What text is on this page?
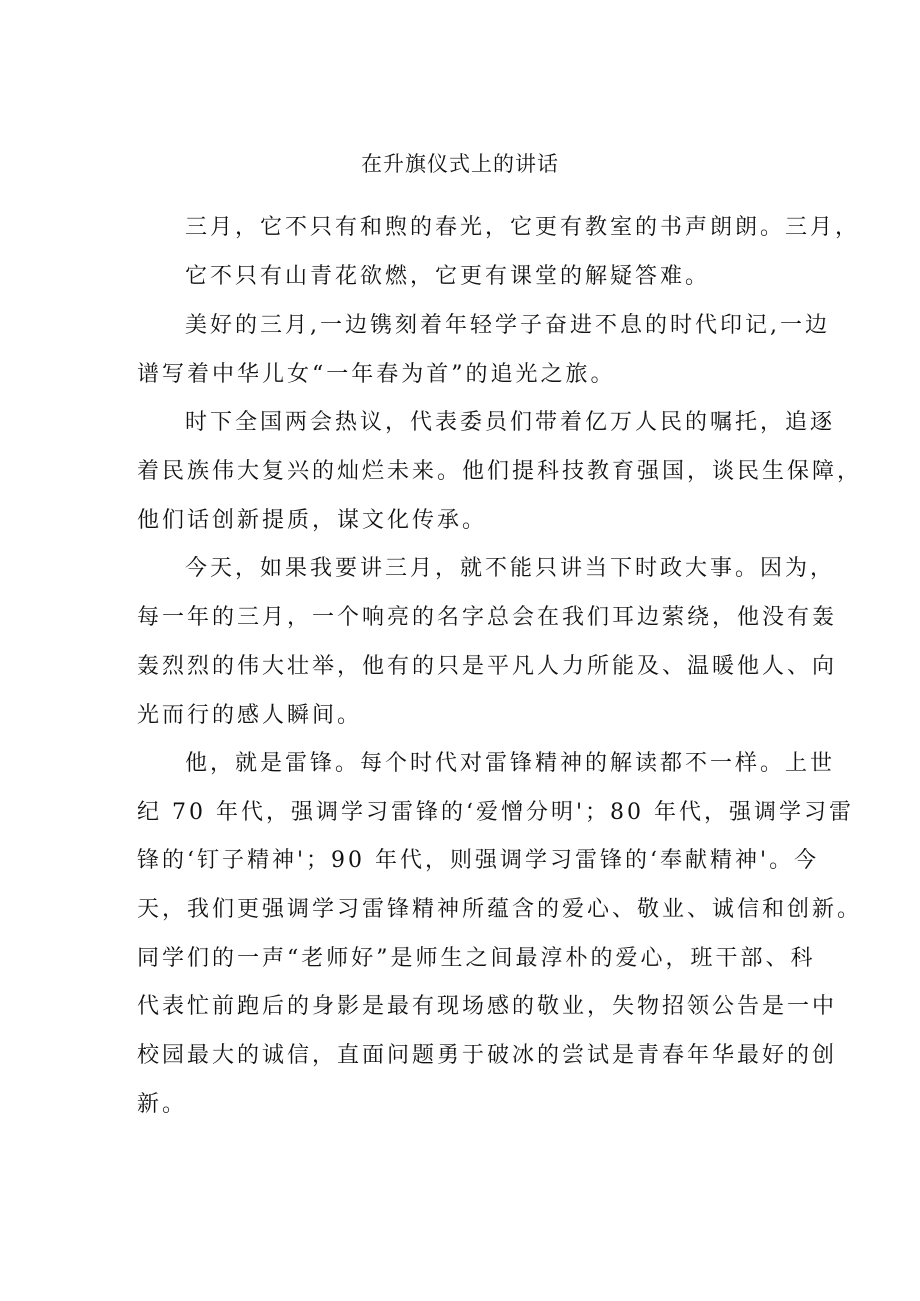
在升旗仪式上的讲话
三月，它不只有和煦的春光，它更有教室的书声朗朗。三月，
它不只有山青花欲燃，它更有课堂的解疑答难。
美好的三月,一边镌刻着年轻学子奋进不息的时代印记,一边
谱写着中华儿女“一年春为首”的追光之旅。
时下全国两会热议，代表委员们带着亿万人民的嘱托，追逐
着民族伟大复兴的灿烂未来。他们提科技教育强国，谈民生保障，
他们话创新提质，谋文化传承。
今天，如果我要讲三月，就不能只讲当下时政大事。因为，
每一年的三月，一个响亮的名字总会在我们耳边萦绕，他没有轰
轰烈烈的伟大壮举，他有的只是平凡人力所能及、温暖他人、向
光而行的感人瞬间。
他，就是雷锋。每个时代对雷锋精神的解读都不一样。上世
纪 70 年代，强调学习雷锋的‘爱憎分明'；80 年代，强调学习雷
锋的‘钉子精神'；90 年代，则强调学习雷锋的‘奉献精神'。今
天，我们更强调学习雷锋精神所蕴含的爱心、敬业、诚信和创新。
同学们的一声“老师好”是师生之间最淳朴的爱心，班干部、科
代表忙前跑后的身影是最有现场感的敬业，失物招领公告是一中
校园最大的诚信，直面问题勇于破冰的尝试是青春年华最好的创
新。
